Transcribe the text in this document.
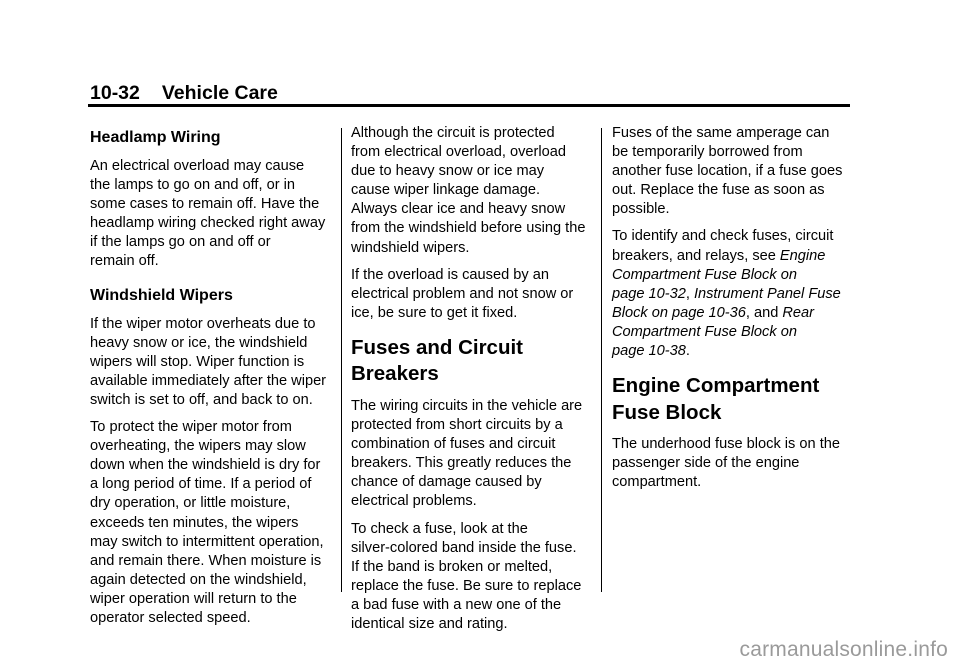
10-32 Vehicle Care
Headlamp Wiring

An electrical overload may cause
the lamps to go on and off, or in
some cases to remain off. Have the
headlamp wiring checked right away
if the lamps go on and off or
remain off.

Windshield Wipers

If the wiper motor overheats due to
heavy snow or ice, the windshield
wipers will stop. Wiper function is
available immediately after the wiper
switch is set to off, and back to on.

To protect the wiper motor from
overheating, the wipers may slow
down when the windshield is dry for
a long period of time. If a period of
dry operation, or little moisture,
exceeds ten minutes, the wipers
may switch to intermittent operation,
and remain there. When moisture is
again detected on the windshield,
wiper operation will return to the
operator selected speed.

Although the circuit is protected
from electrical overload, overload
due to heavy snow or ice may
cause wiper linkage damage.
Always clear ice and heavy snow
from the windshield before using the
windshield wipers.

If the overload is caused by an
electrical problem and not snow or
ice, be sure to get it fixed.

Fuses and Circuit
Breakers

The wiring circuits in the vehicle are
protected from short circuits by a
combination of fuses and circuit
breakers. This greatly reduces the
chance of damage caused by
electrical problems.

To check a fuse, look at the
silver-colored band inside the fuse.
If the band is broken or melted,
replace the fuse. Be sure to replace
a bad fuse with a new one of the
identical size and rating.

Fuses of the same amperage can
be temporarily borrowed from
another fuse location, if a fuse goes
out. Replace the fuse as soon as
possible.

To identify and check fuses, circuit
breakers, and relays, see Engine
Compartment Fuse Block on
page 10-32, Instrument Panel Fuse
Block on page 10-36, and Rear
Compartment Fuse Block on
page 10-38.

Engine Compartment
Fuse Block

The underhood fuse block is on the
passenger side of the engine
compartment.

carmanualsonline.info
